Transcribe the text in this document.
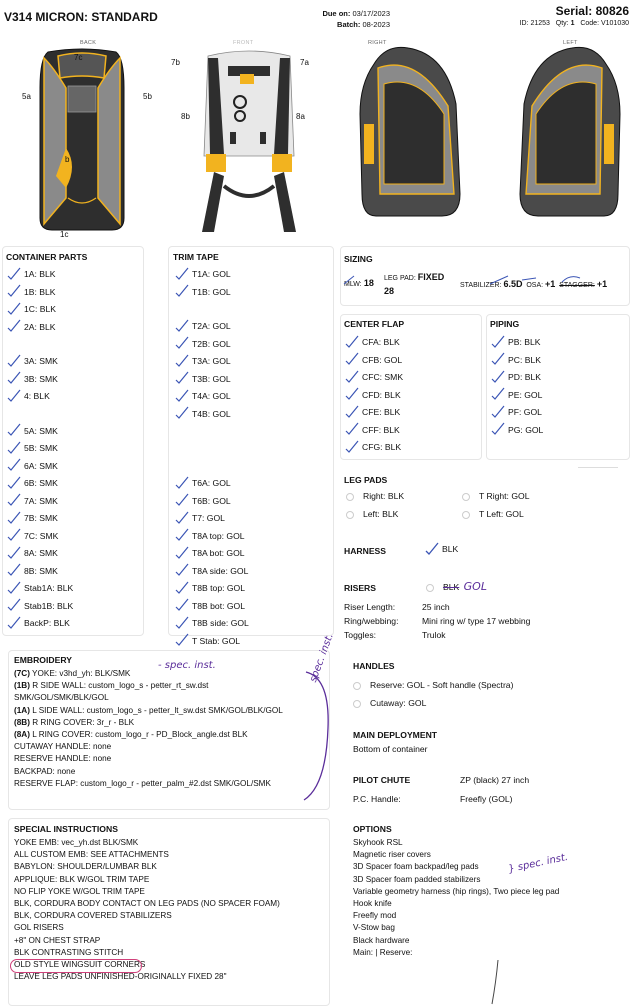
V314 MICRON: STANDARD	Due on: 03/17/2023
Batch: 08-2023
Serial: 80826
ID: 21253 Qty: 1 Code: V101030
BACK	FRONT	RIGHT	LEFT
7c
5a	5b
b
1c
7b	7a
8b	8a
CONTAINER PARTS
1A: BLK
1B: BLK
1C: BLK
2A: BLK
3A: SMK
3B: SMK
4: BLK
5A: SMK
5B: SMK
6A: SMK
6B: SMK
7A: SMK
7B: SMK
7C: SMK
8A: SMK
8B: SMK
Stab1A: BLK
Stab1B: BLK
BackP: BLK
TRIM TAPE
T1A: GOL
T1B: GOL
T2A: GOL
T2B: GOL
T3A: GOL
T3B: GOL
T4A: GOL
T4B: GOL
T6A: GOL
T6B: GOL
T7: GOL
T8A top: GOL
T8A bot: GOL
T8A side: GOL
T8B top: GOL
T8B bot: GOL
T8B side: GOL
T Stab: GOL
SIZING
MLW: 18 LEG PAD: FIXED
28
STABILIZER: 6.5D OSA: +1 STAGGER: +1
CENTER FLAP
CFA: BLK
CFB: GOL
CFC: SMK
CFD: BLK
CFE: BLK
CFF: BLK
CFG: BLK
PIPING
PB: BLK
PC: BLK
PD: BLK
PE: GOL
PF: GOL
PG: GOL
LEG PADS
Right: BLK
Left: BLK
T Right: GOL
T Left: GOL
HARNESS	BLK
RISERS	BLK GOL
Riser Length:	25 inch
Ring/webbing:	Mini ring w/ type 17 webbing
Toggles:	Trulok
EMBROIDERY
(7C) YOKE: v3hd_yh: BLK/SMK
(1B) R SIDE WALL: custom_logo_s - petter_rt_sw.dst
SMK/GOL/SMK/BLK/GOL
(1A) L SIDE WALL: custom_logo_s - petter_lt_sw.dst SMK/GOL/BLK/GOL
(8B) R RING COVER: 3r_r - BLK
(8A) L RING COVER: custom_logo_r - PD_Block_angle.dst BLK
CUTAWAY HANDLE: none
RESERVE HANDLE: none
BACKPAD: none
RESERVE FLAP: custom_logo_r - petter_palm_#2.dst SMK/GOL/SMK
- spec. inst.	spec. inst. HANDLES
Reserve: GOL - Soft handle (Spectra)
Cutaway: GOL
MAIN DEPLOYMENT
Bottom of container
PILOT CHUTE	ZP (black) 27 inch
P.C. Handle:	Freefly (GOL)
SPECIAL INSTRUCTIONS
YOKE EMB: vec_yh.dst BLK/SMK
ALL CUSTOM EMB: SEE ATTACHMENTS
BABYLON: SHOULDER/LUMBAR BLK
APPLIQUE: BLK W/GOL TRIM TAPE
NO FLIP YOKE W/GOL TRIM TAPE
BLK, CORDURA BODY CONTACT ON LEG PADS (NO SPACER FOAM)
BLK, CORDURA COVERED STABILIZERS
GOL RISERS
+8" ON CHEST STRAP
BLK CONTRASTING STITCH
OLD STYLE WINGSUIT CORNERS
LEAVE LEG PADS UNFINISHED-ORIGINALLY FIXED 28"
OPTIONS
Skyhook RSL
Magnetic riser covers
3D Spacer foam backpad/leg pads
3D Spacer foam padded stabilizers
Variable geometry harness (hip rings), Two piece leg pad
Hook knife
Freefly mod
V-Stow bag
Black hardware
Main: | Reserve:
} spec. inst.
